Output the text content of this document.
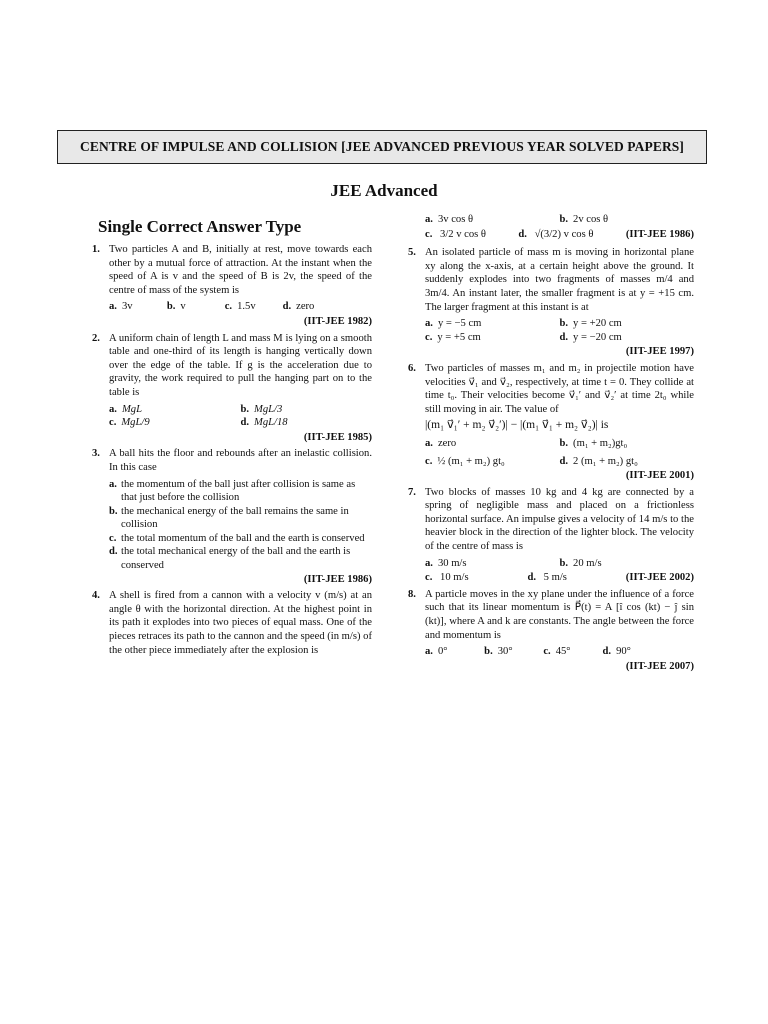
CENTRE OF IMPULSE AND COLLISION [JEE ADVANCED PREVIOUS YEAR SOLVED PAPERS]
JEE Advanced
Single Correct Answer Type
1. Two particles A and B, initially at rest, move towards each other by a mutual force of attraction. At the instant when the speed of A is v and the speed of B is 2v, the speed of the centre of mass of the system is
a. 3v	b. v	c. 1.5v	d. zero
(IIT-JEE 1982)
2. A uniform chain of length L and mass M is lying on a smooth table and one-third of its length is hanging vertically down over the edge of the table. If g is the acceleration due to gravity, the work required to pull the hanging part on to the table is
a. MgL	b. MgL/3
c. MgL/9	d. MgL/18
(IIT-JEE 1985)
3. A ball hits the floor and rebounds after an inelastic collision. In this case
a. the momentum of the ball just after collision is same as that just before the collision
b. the mechanical energy of the ball remains the same in collision
c. the total momentum of the ball and the earth is conserved
d. the total mechanical energy of the ball and the earth is conserved
(IIT-JEE 1986)
4. A shell is fired from a cannon with a velocity v (m/s) at an angle θ with the horizontal direction. At the highest point in its path it explodes into two pieces of equal mass. One of the pieces retraces its path to the cannon and the speed (in m/s) of the other piece immediately after the explosion is
a. 3v cos θ	b. 2v cos θ
c. 3/2 v cos θ	d. √(3/2) v cos θ	(IIT-JEE 1986)
5. An isolated particle of mass m is moving in horizontal plane xy along the x-axis, at a certain height above the ground. It suddenly explodes into two fragments of masses m/4 and 3m/4. An instant later, the smaller fragment is at y = +15 cm. The larger fragment at this instant is at
a. y = −5 cm	b. y = +20 cm
c. y = +5 cm	d. y = −20 cm
(IIT-JEE 1997)
6. Two particles of masses m₁ and m₂ in projectile motion have velocities v⃗₁ and v⃗₂, respectively, at time t = 0. They collide at time t₀. Their velocities become v⃗₁′ and v⃗₂′ at time 2t₀ while still moving in air. The value of
|(m₁ v⃗₁′ + m₂ v⃗₂′)| − |(m₁ v⃗₁ + m₂ v⃗₂)| is
a. zero	b. (m₁ + m₂)gt₀
c. ½ (m₁ + m₂) gt₀	d. 2 (m₁ + m₂) gt₀
(IIT-JEE 2001)
7. Two blocks of masses 10 kg and 4 kg are connected by a spring of negligible mass and placed on a frictionless horizontal surface. An impulse gives a velocity of 14 m/s to the heavier block in the direction of the lighter block. The velocity of the centre of mass is
a. 30 m/s	b. 20 m/s
c. 10 m/s	d. 5 m/s	(IIT-JEE 2002)
8. A particle moves in the xy plane under the influence of a force such that its linear momentum is P⃗(t) = A [î cos (kt) − ĵ sin (kt)], where A and k are constants. The angle between the force and momentum is
a. 0°	b. 30°	c. 45°	d. 90°
(IIT-JEE 2007)
